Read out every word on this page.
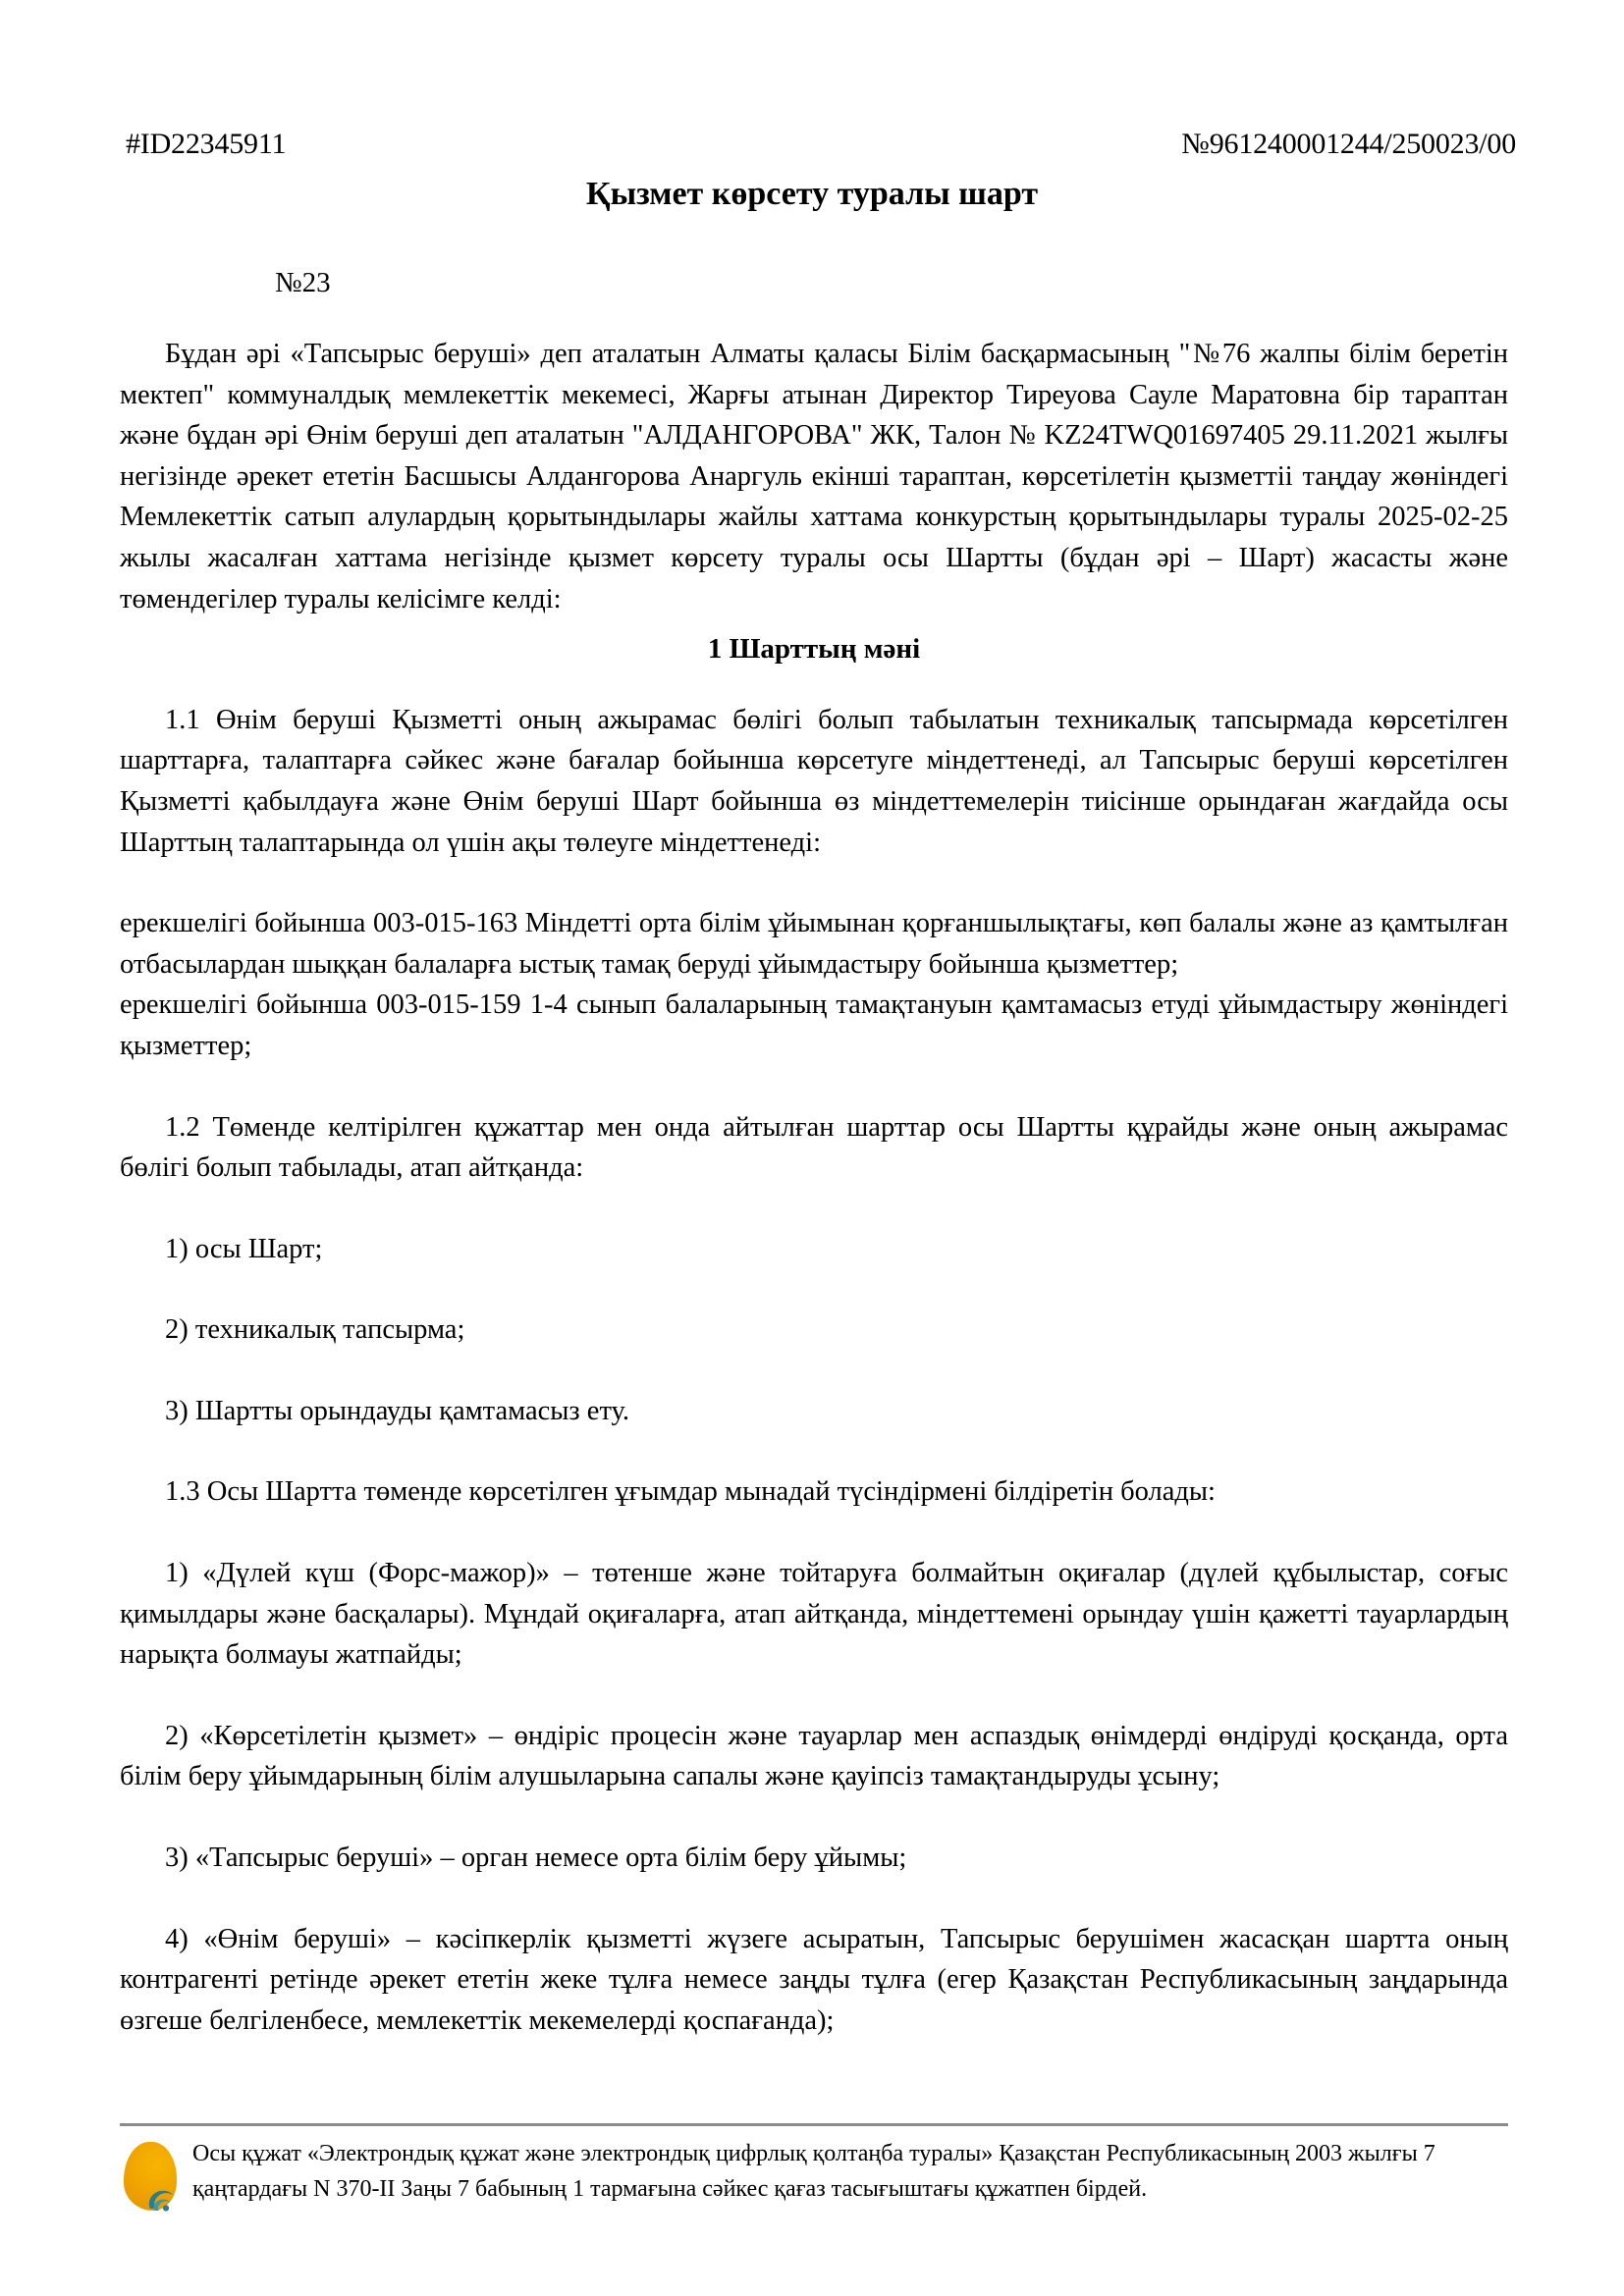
#ID22345911	№961240001244/250023/00
Қызмет көрсету туралы шарт
№23

Бұдан әрі «Тапсырыс беруші» деп аталатын Алматы қаласы Білім басқармасының "№76 жалпы білім беретін мектеп" коммуналдық мемлекеттік мекемесі, Жарғы атынан Директор Тиреуова Сауле Маратовна бір тараптан және бұдан әрі Өнім беруші деп аталатын "АЛДАНГОРОВА" ЖК, Талон № KZ24TWQ01697405 29.11.2021 жылғы негізінде әрекет ететін Басшысы Алдангорова Анаргуль екінші тараптан, көрсетілетін қызметтіі таңдау жөніндегі Мемлекеттік сатып алулардың қорытындылары жайлы хаттама конкурстың қорытындылары туралы 2025-02-25 жылы жасалған хаттама негізінде қызмет көрсету туралы осы Шартты (бұдан әрі – Шарт) жасасты және төмендегілер туралы келісімге келді:

1 Шарттың мәні

1.1 Өнім беруші Қызметті оның ажырамас бөлігі болып табылатын техникалық тапсырмада көрсетілген шарттарға, талаптарға сәйкес және бағалар бойынша көрсетуге міндеттенеді, ал Тапсырыс беруші көрсетілген Қызметті қабылдауға және Өнім беруші Шарт бойынша өз міндеттемелерін тиісінше орындаған жағдайда осы Шарттың талаптарында ол үшін ақы төлеуге міндеттенеді:

ерекшелігі бойынша 003-015-163 Міндетті орта білім ұйымынан қорғаншылықтағы, көп балалы және аз қамтылған отбасылардан шыққан балаларға ыстық тамақ беруді ұйымдастыру бойынша қызметтер;

ерекшелігі бойынша 003-015-159 1-4 сынып балаларының тамақтануын қамтамасыз етуді ұйымдастыру жөніндегі қызметтер;

1.2 Төменде келтірілген құжаттар мен онда айтылған шарттар осы Шартты құрайды және оның ажырамас бөлігі болып табылады, атап айтқанда:

1) осы Шарт;

2) техникалық тапсырма;

3) Шартты орындауды қамтамасыз ету.

1.3 Осы Шартта төменде көрсетілген ұғымдар мынадай түсіндірмені білдіретін болады:

1) «Дүлей күш (Форс-мажор)» – төтенше және тойтаруға болмайтын оқиғалар (дүлей құбылыстар, соғыс қимылдары және басқалары). Мұндай оқиғаларға, атап айтқанда, міндеттемені орындау үшін қажетті тауарлардың нарықта болмауы жатпайды;

2) «Көрсетілетін қызмет» – өндіріс процесін және тауарлар мен аспаздық өнімдерді өндіруді қосқанда, орта білім беру ұйымдарының білім алушыларына сапалы және қауіпсіз тамақтандыруды ұсыну;

3) «Тапсырыс беруші» – орган немесе орта білім беру ұйымы;

4) «Өнім беруші» – кәсіпкерлік қызметті жүзеге асыратын, Тапсырыс берушімен жасасқан шартта оның контрагенті ретінде әрекет ететін жеке тұлға немесе заңды тұлға (егер Қазақстан Республикасының заңдарында өзгеше белгіленбесе, мемлекеттік мекемелерді қоспағанда);

Осы құжат «Электрондық құжат және электрондық цифрлық қолтаңба туралы» Қазақстан Республикасының 2003 жылғы 7 қаңтардағы N 370-II Заңы 7 бабының 1 тармағына сәйкес қағаз тасығыштағы құжатпен бірдей.
